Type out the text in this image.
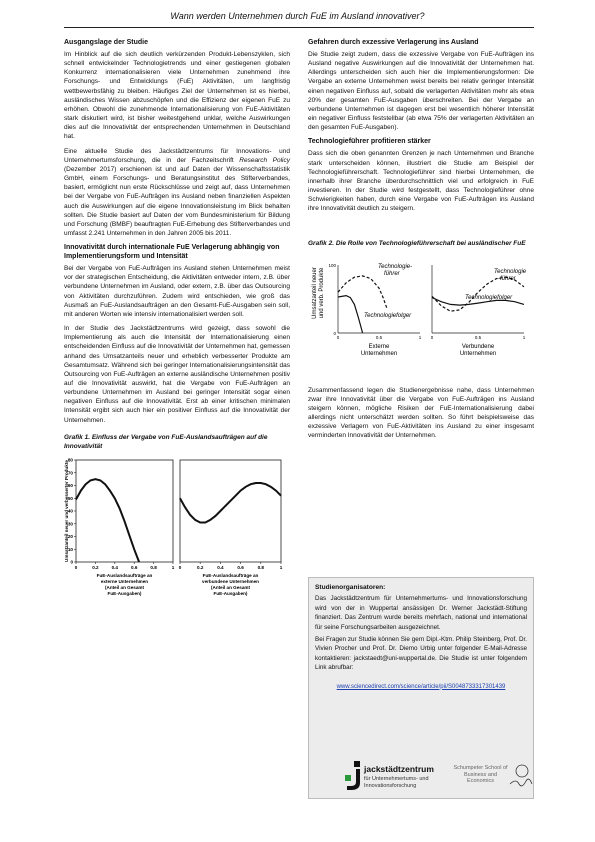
Wann werden Unternehmen durch FuE im Ausland innovativer?
Ausgangslage der Studie

Im Hinblick auf die sich deutlich verkürzenden Produkt-Lebenszyklen, sich schnell entwickelnder Technologietrends und einer gestiegenen globalen Konkurrenz internationalisieren viele Unternehmen zunehmend ihre Forschungs- und Entwicklungs (FuE) Aktivitäten, um langfristig wettbewerbsfähig zu bleiben. Häufiges Ziel der Unternehmen ist es hierbei, ausländisches Wissen abzuschöpfen und die Effizienz der eigenen FuE zu erhöhen. Obwohl die zunehmende Internationalisierung von FuE-Aktivitäten stark diskutiert wird, ist bisher weitestgehend unklar, welche Auswirkungen dies auf die Innovativität der entsprechenden Unternehmen in Deutschland hat.

Eine aktuelle Studie des Jackstädtzentrums für Innovations- und Unternehmertumsforschung, die in der Fachzeitschrift Research Policy (Dezember 2017) erschienen ist und auf Daten der Wissenschaftsstatistik GmbH, einem Forschungs- und Beratungsinstitut des Stifterverbandes, basiert, ermöglicht nun erste Rückschlüsse und zeigt auf, dass Unternehmen bei der Vergabe von FuE-Aufträgen ins Ausland neben finanziellen Aspekten auch die Auswirkungen auf die eigene Innovationsleistung im Blick behalten sollten. Die Studie basiert auf Daten der vom Bundesministerium für Bildung und Forschung (BMBF) beauftragten FuE-Erhebung des Stifterverbandes und umfasst 2.241 Unternehmen in den Jahren 2005 bis 2011.

Innovativität durch internationale FuE Verlagerung abhängig von Implementierungsform und Intensität

Bei der Vergabe von FuE-Aufträgen ins Ausland stehen Unternehmen meist vor der strategischen Entscheidung, die Aktivitäten entweder intern, z.B. über verbundene Unternehmen im Ausland, oder extern, z.B. über das Outsourcing von Aktivitäten durchzuführen. Zudem wird entschieden, wie groß das Ausmaß an FuE-Auslandsaufträgen an den Gesamt-FuE-Ausgaben sein soll, mit anderen Worten wie intensiv internationalisiert werden soll.

In der Studie des Jackstädtzentrums wird gezeigt, dass sowohl die Implementierung als auch die Intensität der Internationalisierung einen entscheidenden Einfluss auf die Innovativität der Unternehmen hat, gemessen anhand des Umsatzanteils neuer und erheblich verbesserter Produkte am Gesamtumsatz. Während sich bei geringer Internationalisierungsintensität das Outsourcing von FuE-Aufträgen an externe ausländische Unternehmen positiv auf die Innovativität auswirkt, hat die Vergabe von FuE-Aufträgen an verbundene Unternehmen im Ausland bei geringer Intensität sogar einen negativen Einfluss auf die Innovativität. Erst ab einer kritischen minimalen Intensität ergibt sich auch hier ein positiver Einfluss auf die Innovativität der Unternehmen.

Grafik 1. Einfluss der Vergabe von FuE-Auslandsaufträgen auf die Innovativität
Umsatzanteil neuer und verbesserter Produkte
0
10
20
30
40
50
60
70
80
0	0.2	0.4	0.6	0.8	1
FuE-Auslandsaufträge an
externe Unternehmen
(Anteil an Gesamt
FuE-Ausgaben)
0	0.2	0.4	0.6	0.8	1
FuE-Auslandsaufträge an
verbundene Unternehmen
(Anteil an Gesamt
FuE-Ausgaben)
Gefahren durch exzessive Verlagerung ins Ausland

Die Studie zeigt zudem, dass die exzessive Vergabe von FuE-Aufträgen ins Ausland negative Auswirkungen auf die Innovativität der Unternehmen hat. Allerdings unterscheiden sich auch hier die Implementierungsformen: Die Vergabe an externe Unternehmen weist bereits bei relativ geringer Intensität einen negativen Einfluss auf, sobald die verlagerten Aktivitäten mehr als etwa 20% der gesamten FuE-Ausgaben überschreiten. Bei der Vergabe an verbundene Unternehmen ist dagegen erst bei wesentlich höherer Intensität ein negativer Einfluss feststellbar (ab etwa 75% der verlagerten Aktivitäten an den gesamten FuE-Ausgaben).

Technologieführer profitieren stärker

Dass sich die oben genannten Grenzen je nach Unternehmen und Branche stark unterscheiden können, illustriert die Studie am Beispiel der Technologieführerschaft. Technologieführer sind hierbei Unternehmen, die innerhalb ihrer Branche überdurchschnittlich viel und erfolgreich in FuE investieren. In der Studie wird festgestellt, dass Technologieführer ohne Schwierigkeiten haben, durch eine Vergabe von FuE-Aufträgen ins Ausland ihre Innovativität deutlich zu steigern.

Grafik 2. Die Rolle von Technologieführerschaft bei ausländischer FuE
Umsatzanteil neuer und verb. Produkte
0
100
0	0.5	1 0	0.5	1
Technologie-
führer
Technologiefolger
Technologie
-führer
Technologiefolger
Externe
Unternehmen
Verbundene
Unternehmen

Zusammenfassend legen die Studienergebnisse nahe, dass Unternehmen zwar ihre Innovativität über die Vergabe von FuE-Aufträgen ins Ausland steigern können, mögliche Risiken der FuE-Internationalisierung dabei allerdings nicht unterschätzt werden sollten. So führt beispielsweise das exzessive Verlagern von FuE-Aktivitäten ins Ausland zu einer insgesamt verminderten Innovativität der Unternehmen.

Studienorganisatoren:

Das Jackstädtzentrum für Unternehmertums- und Innovationsforschung wird von der in Wuppertal ansässigen Dr. Werner Jackstädt-Stiftung finanziert. Das Zentrum wurde bereits mehrfach, national und international für seine Forschungsarbeiten ausgezeichnet.

Bei Fragen zur Studie können Sie gern Dipl.-Ktm. Philip Steinberg, Prof. Dr. Vivien Procher und Prof. Dr. Diemo Urbig unter folgender E-Mail-Adresse kontaktieren: jackstaedt@uni-wuppertal.de. Die Studie ist unter folgendem Link abrufbar:

www.sciencedirect.com/science/article/pii/S0048733317301439
jackstädtzentrum
für Unternehmertums- und Innovationsforschung
Schumpeter School of Business and Economics
